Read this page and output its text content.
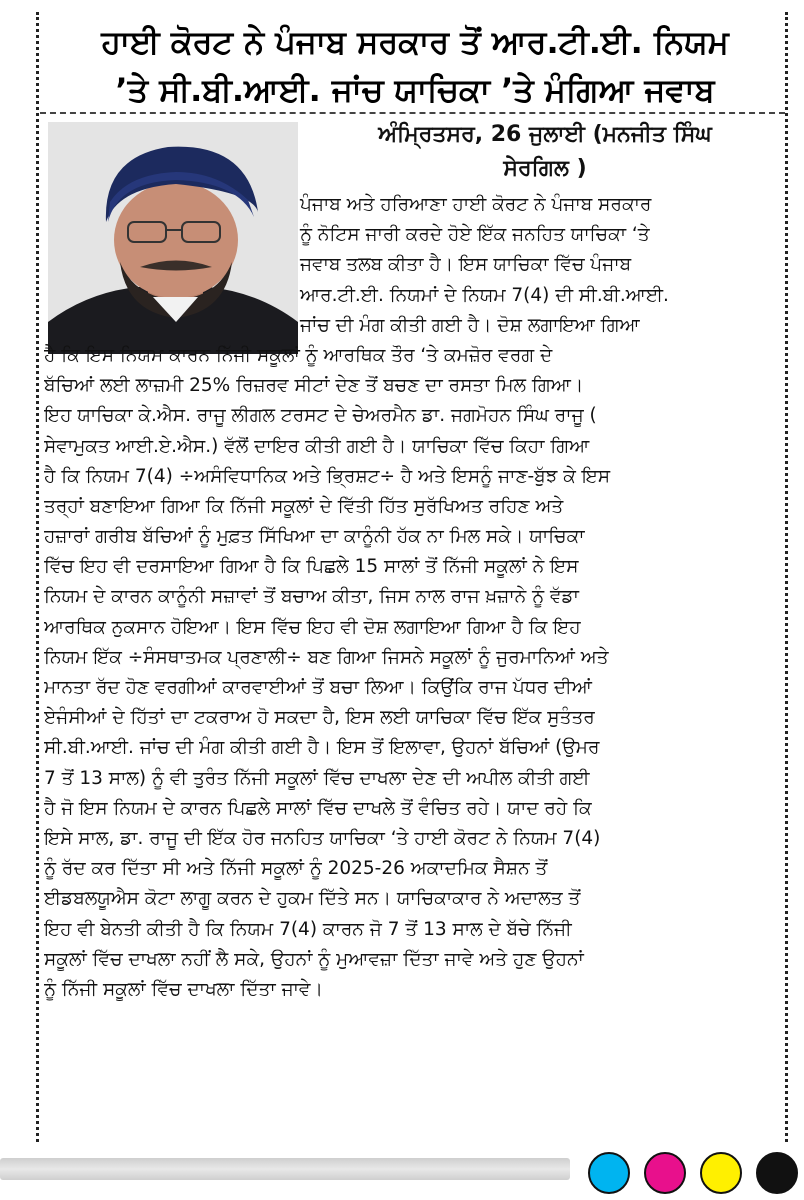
ਹਾਈ ਕੋਰਟ ਨੇ ਪੰਜਾਬ ਸਰਕਾਰ ਤੋਂ ਆਰ.ਟੀ.ਈ. ਨਿਯਮ
’ਤੇ ਸੀ.ਬੀ.ਆਈ. ਜਾਂਚ ਯਾਚਿਕਾ ’ਤੇ ਮੰਗਿਆ ਜਵਾਬ
ਅੰਮ੍ਰਿਤਸਰ, 26 ਜੁਲਾਈ (ਮਨਜੀਤ ਸਿੰਘ
ਸੇਰਗਿਲ )
ਪੰਜਾਬ ਅਤੇ ਹਰਿਆਣਾ ਹਾਈ ਕੋਰਟ ਨੇ ਪੰਜਾਬ ਸਰਕਾਰ
ਨੂੰ ਨੋਟਿਸ ਜਾਰੀ ਕਰਦੇ ਹੋਏ ਇੱਕ ਜਨਹਿਤ ਯਾਚਿਕਾ ‘ਤੇ
ਜਵਾਬ ਤਲਬ ਕੀਤਾ ਹੈ। ਇਸ ਯਾਚਿਕਾ ਵਿੱਚ ਪੰਜਾਬ
ਆਰ.ਟੀ.ਈ. ਨਿਯਮਾਂ ਦੇ ਨਿਯਮ 7(4) ਦੀ ਸੀ.ਬੀ.ਆਈ.
ਜਾਂਚ ਦੀ ਮੰਗ ਕੀਤੀ ਗਈ ਹੈ। ਦੋਸ਼ ਲਗਾਇਆ ਗਿਆ
ਹੈ ਕਿ ਇਸ ਨਿਯਮ ਕਾਰਨ ਨਿੱਜੀ ਸਕੂਲਾਂ ਨੂੰ ਆਰਥਿਕ ਤੌਰ ‘ਤੇ ਕਮਜ਼ੋਰ ਵਰਗ ਦੇ
ਬੱਚਿਆਂ ਲਈ ਲਾਜ਼ਮੀ 25% ਰਿਜ਼ਰਵ ਸੀਟਾਂ ਦੇਣ ਤੋਂ ਬਚਣ ਦਾ ਰਸਤਾ ਮਿਲ ਗਿਆ।
ਇਹ ਯਾਚਿਕਾ ਕੇ.ਐਸ. ਰਾਜੂ ਲੀਗਲ ਟਰਸਟ ਦੇ ਚੇਅਰਮੈਨ ਡਾ. ਜਗਮੋਹਨ ਸਿੰਘ ਰਾਜੂ (
ਸੇਵਾਮੁਕਤ ਆਈ.ਏ.ਐਸ.) ਵੱਲੋਂ ਦਾਇਰ ਕੀਤੀ ਗਈ ਹੈ। ਯਾਚਿਕਾ ਵਿੱਚ ਕਿਹਾ ਗਿਆ
ਹੈ ਕਿ ਨਿਯਮ 7(4) ÷ਅਸੰਵਿਧਾਨਿਕ ਅਤੇ ਭ੍ਰਿਸ਼ਟ÷ ਹੈ ਅਤੇ ਇਸਨੂੰ ਜਾਣ-ਬੁੱਝ ਕੇ ਇਸ
ਤਰ੍ਹਾਂ ਬਣਾਇਆ ਗਿਆ ਕਿ ਨਿੱਜੀ ਸਕੂਲਾਂ ਦੇ ਵਿੱਤੀ ਹਿੱਤ ਸੁਰੱਖਿਅਤ ਰਹਿਣ ਅਤੇ
ਹਜ਼ਾਰਾਂ ਗਰੀਬ ਬੱਚਿਆਂ ਨੂੰ ਮੁਫ਼ਤ ਸਿੱਖਿਆ ਦਾ ਕਾਨੂੰਨੀ ਹੱਕ ਨਾ ਮਿਲ ਸਕੇ। ਯਾਚਿਕਾ
ਵਿੱਚ ਇਹ ਵੀ ਦਰਸਾਇਆ ਗਿਆ ਹੈ ਕਿ ਪਿਛਲੇ 15 ਸਾਲਾਂ ਤੋਂ ਨਿੱਜੀ ਸਕੂਲਾਂ ਨੇ ਇਸ
ਨਿਯਮ ਦੇ ਕਾਰਨ ਕਾਨੂੰਨੀ ਸਜ਼ਾਵਾਂ ਤੋਂ ਬਚਾਅ ਕੀਤਾ, ਜਿਸ ਨਾਲ ਰਾਜ ਖ਼ਜ਼ਾਨੇ ਨੂੰ ਵੱਡਾ
ਆਰਥਿਕ ਨੁਕਸਾਨ ਹੋਇਆ। ਇਸ ਵਿੱਚ ਇਹ ਵੀ ਦੋਸ਼ ਲਗਾਇਆ ਗਿਆ ਹੈ ਕਿ ਇਹ
ਨਿਯਮ ਇੱਕ ÷ਸੰਸਥਾਤਮਕ ਪ੍ਰਣਾਲੀ÷ ਬਣ ਗਿਆ ਜਿਸਨੇ ਸਕੂਲਾਂ ਨੂੰ ਜੁਰਮਾਨਿਆਂ ਅਤੇ
ਮਾਨਤਾ ਰੱਦ ਹੋਣ ਵਰਗੀਆਂ ਕਾਰਵਾਈਆਂ ਤੋਂ ਬਚਾ ਲਿਆ। ਕਿਉਂਕਿ ਰਾਜ ਪੱਧਰ ਦੀਆਂ
ਏਜੰਸੀਆਂ ਦੇ ਹਿੱਤਾਂ ਦਾ ਟਕਰਾਅ ਹੋ ਸਕਦਾ ਹੈ, ਇਸ ਲਈ ਯਾਚਿਕਾ ਵਿੱਚ ਇੱਕ ਸੁਤੰਤਰ
ਸੀ.ਬੀ.ਆਈ. ਜਾਂਚ ਦੀ ਮੰਗ ਕੀਤੀ ਗਈ ਹੈ। ਇਸ ਤੋਂ ਇਲਾਵਾ, ਉਹਨਾਂ ਬੱਚਿਆਂ (ਉਮਰ
7 ਤੋਂ 13 ਸਾਲ) ਨੂੰ ਵੀ ਤੁਰੰਤ ਨਿੱਜੀ ਸਕੂਲਾਂ ਵਿੱਚ ਦਾਖਲਾ ਦੇਣ ਦੀ ਅਪੀਲ ਕੀਤੀ ਗਈ
ਹੈ ਜੋ ਇਸ ਨਿਯਮ ਦੇ ਕਾਰਨ ਪਿਛਲੇ ਸਾਲਾਂ ਵਿੱਚ ਦਾਖਲੇ ਤੋਂ ਵੰਚਿਤ ਰਹੇ। ਯਾਦ ਰਹੇ ਕਿ
ਇਸੇ ਸਾਲ, ਡਾ. ਰਾਜੂ ਦੀ ਇੱਕ ਹੋਰ ਜਨਹਿਤ ਯਾਚਿਕਾ ‘ਤੇ ਹਾਈ ਕੋਰਟ ਨੇ ਨਿਯਮ 7(4)
ਨੂੰ ਰੱਦ ਕਰ ਦਿੱਤਾ ਸੀ ਅਤੇ ਨਿੱਜੀ ਸਕੂਲਾਂ ਨੂੰ 2025-26 ਅਕਾਦਮਿਕ ਸੈਸ਼ਨ ਤੋਂ
ਈਡਬਲਯੂਐਸ ਕੋਟਾ ਲਾਗੂ ਕਰਨ ਦੇ ਹੁਕਮ ਦਿੱਤੇ ਸਨ। ਯਾਚਿਕਾਕਾਰ ਨੇ ਅਦਾਲਤ ਤੋਂ
ਇਹ ਵੀ ਬੇਨਤੀ ਕੀਤੀ ਹੈ ਕਿ ਨਿਯਮ 7(4) ਕਾਰਨ ਜੋ 7 ਤੋਂ 13 ਸਾਲ ਦੇ ਬੱਚੇ ਨਿੱਜੀ
ਸਕੂਲਾਂ ਵਿੱਚ ਦਾਖਲਾ ਨਹੀਂ ਲੈ ਸਕੇ, ਉਹਨਾਂ ਨੂੰ ਮੁਆਵਜ਼ਾ ਦਿੱਤਾ ਜਾਵੇ ਅਤੇ ਹੁਣ ਉਹਨਾਂ
ਨੂੰ ਨਿੱਜੀ ਸਕੂਲਾਂ ਵਿੱਚ ਦਾਖਲਾ ਦਿੱਤਾ ਜਾਵੇ।
